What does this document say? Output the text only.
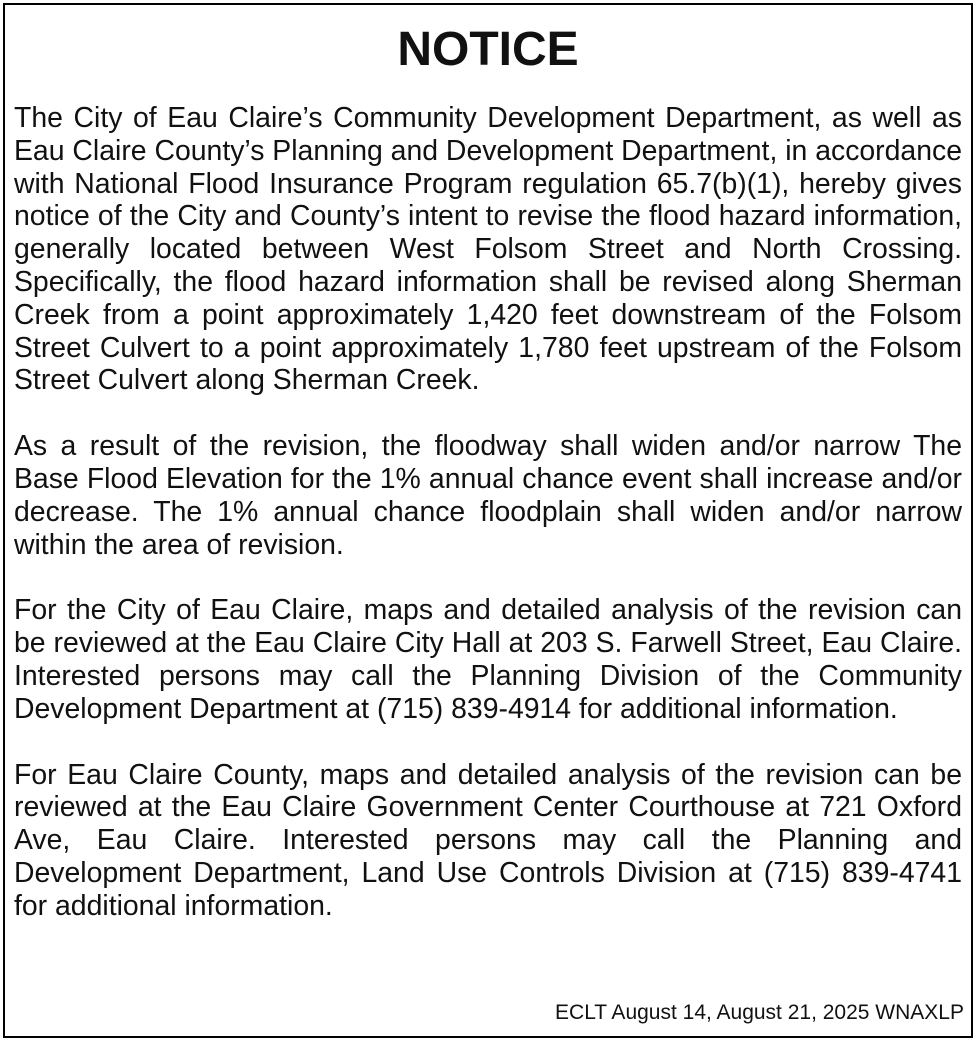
NOTICE

The City of Eau Claire’s Community Development Department, as well as Eau Claire County’s Planning and Development Department, in accordance with National Flood Insurance Program regulation 65.7(b)(1), hereby gives notice of the City and County’s intent to revise the flood hazard information, generally located between West Folsom Street and North Crossing. Specifically, the flood hazard information shall be revised along Sherman Creek from a point approximately 1,420 feet downstream of the Folsom Street Culvert to a point approximately 1,780 feet upstream of the Folsom Street Culvert along Sherman Creek.

As a result of the revision, the floodway shall widen and/or narrow The Base Flood Elevation for the 1% annual chance event shall increase and/or decrease. The 1% annual chance floodplain shall widen and/or narrow within the area of revision.

For the City of Eau Claire, maps and detailed analysis of the revision can be reviewed at the Eau Claire City Hall at 203 S. Farwell Street, Eau Claire. Interested persons may call the Planning Division of the Community Development Department at (715) 839-4914 for additional information.

For Eau Claire County, maps and detailed analysis of the revision can be reviewed at the Eau Claire Government Center Courthouse at 721 Oxford Ave, Eau Claire. Interested persons may call the Planning and Development Department, Land Use Controls Division at (715) 839-4741 for additional information.

ECLT August 14, August 21, 2025 WNAXLP
